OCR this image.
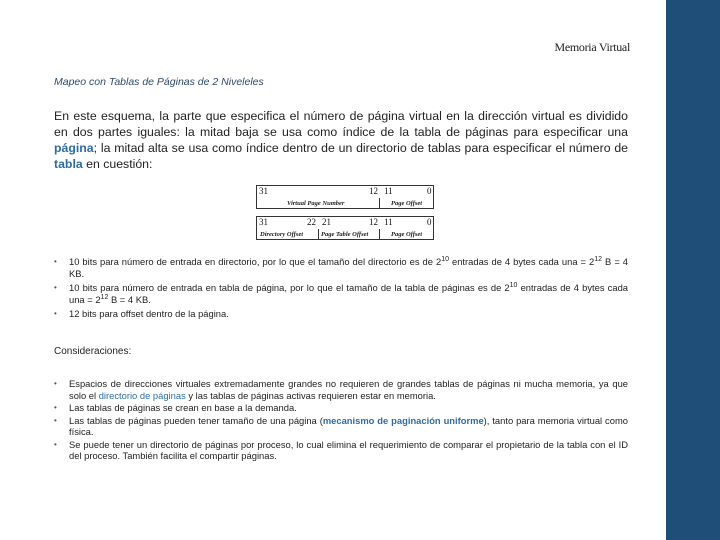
Memoria Virtual
Mapeo con Tablas de Páginas de 2 Niveleles
En este esquema, la parte que especifica el número de página virtual en la dirección virtual es dividido en dos partes iguales: la mitad baja se usa como índice de la tabla de páginas para especificar una página; la mitad alta se usa como índice dentro de un directorio de tablas para especificar el número de tabla en cuestión:
31	12 11	0
Virtual Page Number	Page Offset
31	22 21	12 11	0
Directory Offset	Page Table Offset	Page Offset
• 10 bits para número de entrada en directorio, por lo que el tamaño del directorio es de $2^{10}$ entradas de 4 bytes cada una = $2^{12}$ B = 4 KB.
• 10 bits para número de entrada en tabla de página, por lo que el tamaño de la tabla de páginas es de $2^{10}$ entradas de 4 bytes cada una = $2^{12}$ B = 4 KB.
• 12 bits para offset dentro de la página.
Consideraciones:
• Espacios de direcciones virtuales extremadamente grandes no requieren de grandes tablas de páginas ni mucha memoria, ya que solo el directorio de páginas y las tablas de páginas activas requieren estar en memoria.
• Las tablas de páginas se crean en base a la demanda.
• Las tablas de páginas pueden tener tamaño de una página (mecanismo de paginación uniforme), tanto para memoria virtual como física.
• Se puede tener un directorio de páginas por proceso, lo cual elimina el requerimiento de comparar el propietario de la tabla con el ID del proceso. También facilita el compartir páginas.
